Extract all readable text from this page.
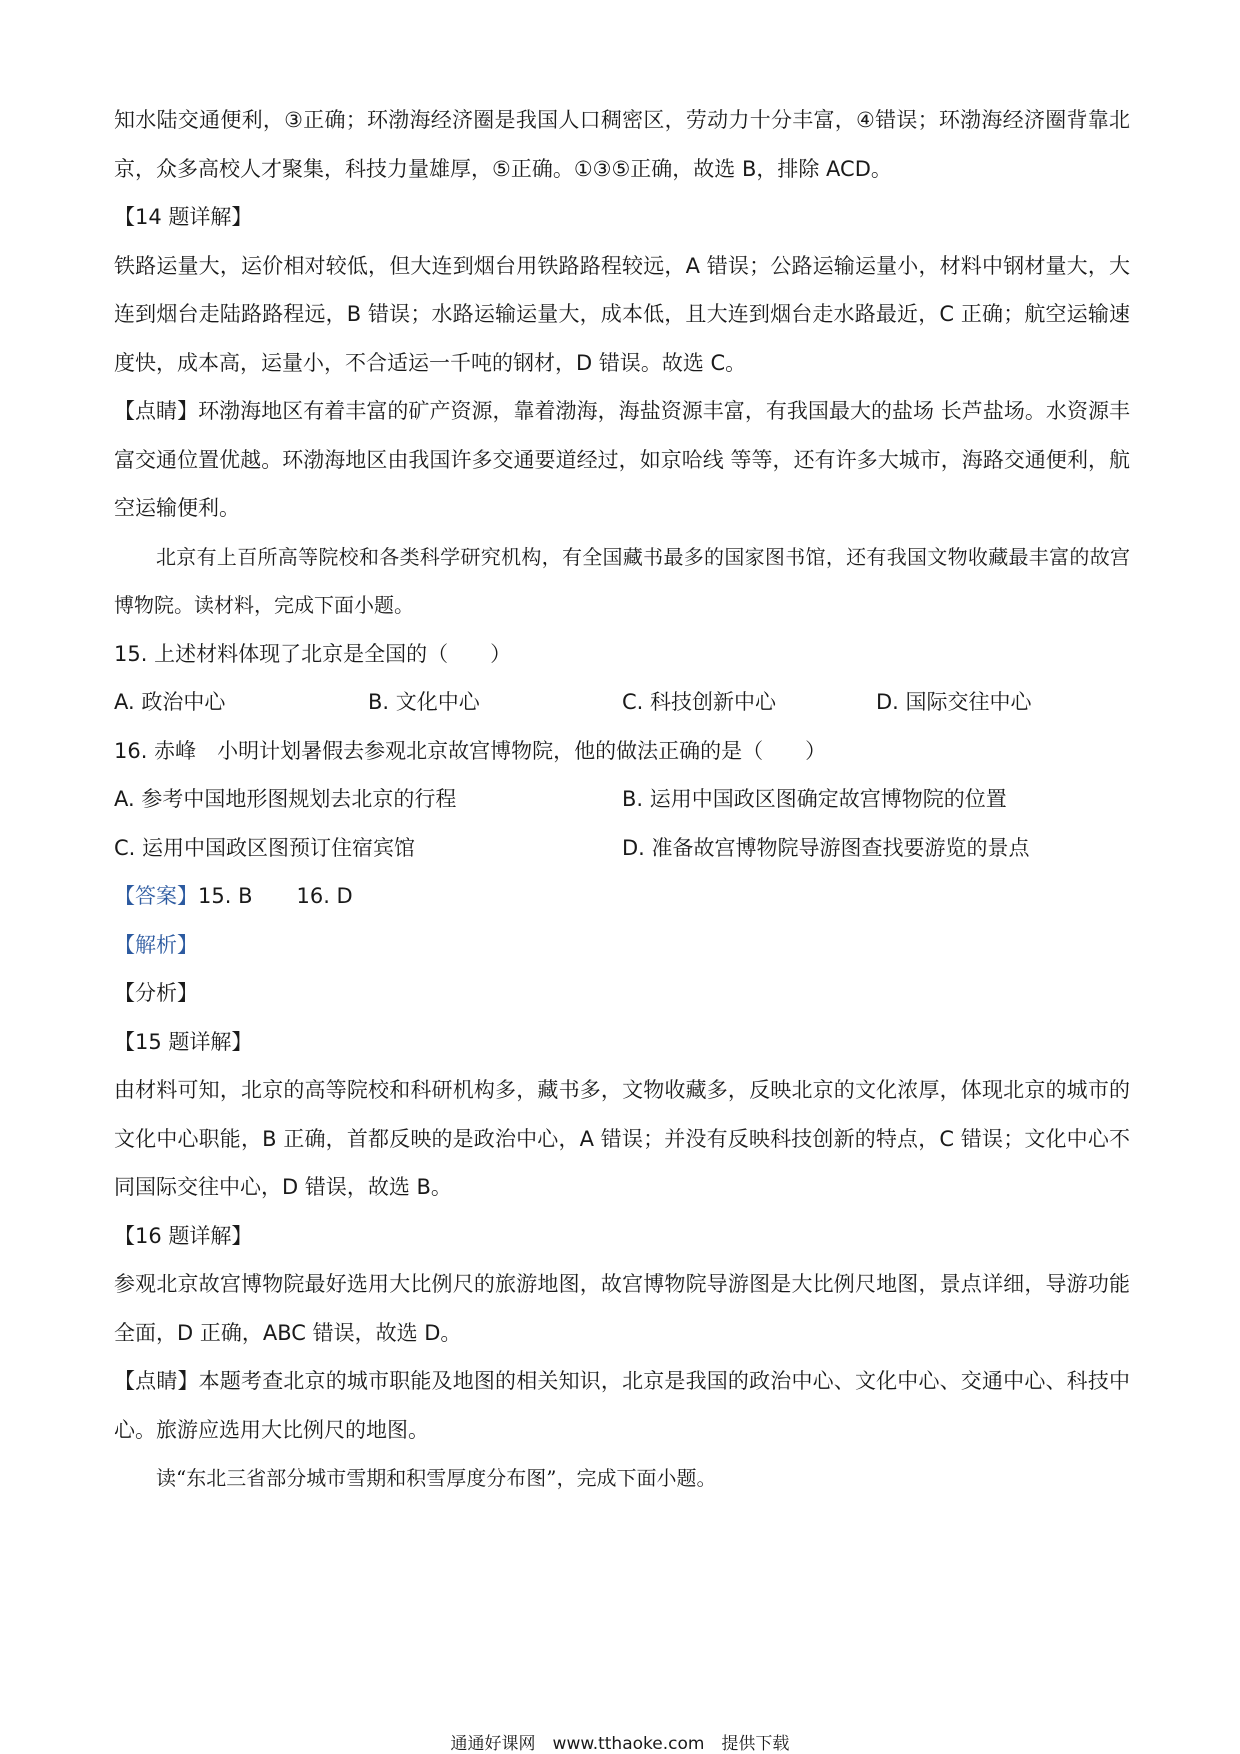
知水陆交通便利，③正确；环渤海经济圈是我国人口稠密区，劳动力十分丰富，④错误；环渤海经济圈背靠北京，众多高校人才聚集，科技力量雄厚，⑤正确。①③⑤正确，故选 B，排除 ACD。

【14 题详解】

铁路运量大，运价相对较低，但大连到烟台用铁路路程较远，A 错误；公路运输运量小，材料中钢材量大，大连到烟台走陆路路程远，B 错误；水路运输运量大，成本低，且大连到烟台走水路最近，C 正确；航空运输速度快，成本高，运量小，不合适运一千吨的钢材，D 错误。故选 C。

【点睛】环渤海地区有着丰富的矿产资源，靠着渤海，海盐资源丰富，有我国最大的盐场 长芦盐场。水资源丰富交通位置优越。环渤海地区由我国许多交通要道经过，如京哈线 等等，还有许多大城市，海路交通便利，航空运输便利。

北京有上百所高等院校和各类科学研究机构，有全国藏书最多的国家图书馆，还有我国文物收藏最丰富的故宫博物院。读材料，完成下面小题。

15. 上述材料体现了北京是全国的（　　）

A. 政治中心	B. 文化中心	C. 科技创新中心	D. 国际交往中心

16. 赤峰　小明计划暑假去参观北京故宫博物院，他的做法正确的是（　　）

A. 参考中国地形图规划去北京的行程	B. 运用中国政区图确定故宫博物院的位置
C. 运用中国政区图预订住宿宾馆	D. 准备故宫博物院导游图查找要游览的景点

【答案】15. B 16. D

【解析】

【分析】

【15 题详解】

由材料可知，北京的高等院校和科研机构多，藏书多，文物收藏多，反映北京的文化浓厚，体现北京的城市的文化中心职能，B 正确，首都反映的是政治中心，A 错误；并没有反映科技创新的特点，C 错误；文化中心不同国际交往中心，D 错误，故选 B。

【16 题详解】

参观北京故宫博物院最好选用大比例尺的旅游地图，故宫博物院导游图是大比例尺地图，景点详细，导游功能全面，D 正确，ABC 错误，故选 D。

【点睛】本题考查北京的城市职能及地图的相关知识，北京是我国的政治中心、文化中心、交通中心、科技中心。旅游应选用大比例尺的地图。

读“东北三省部分城市雪期和积雪厚度分布图”，完成下面小题。

通通好课网　www.tthaoke.com　提供下载
